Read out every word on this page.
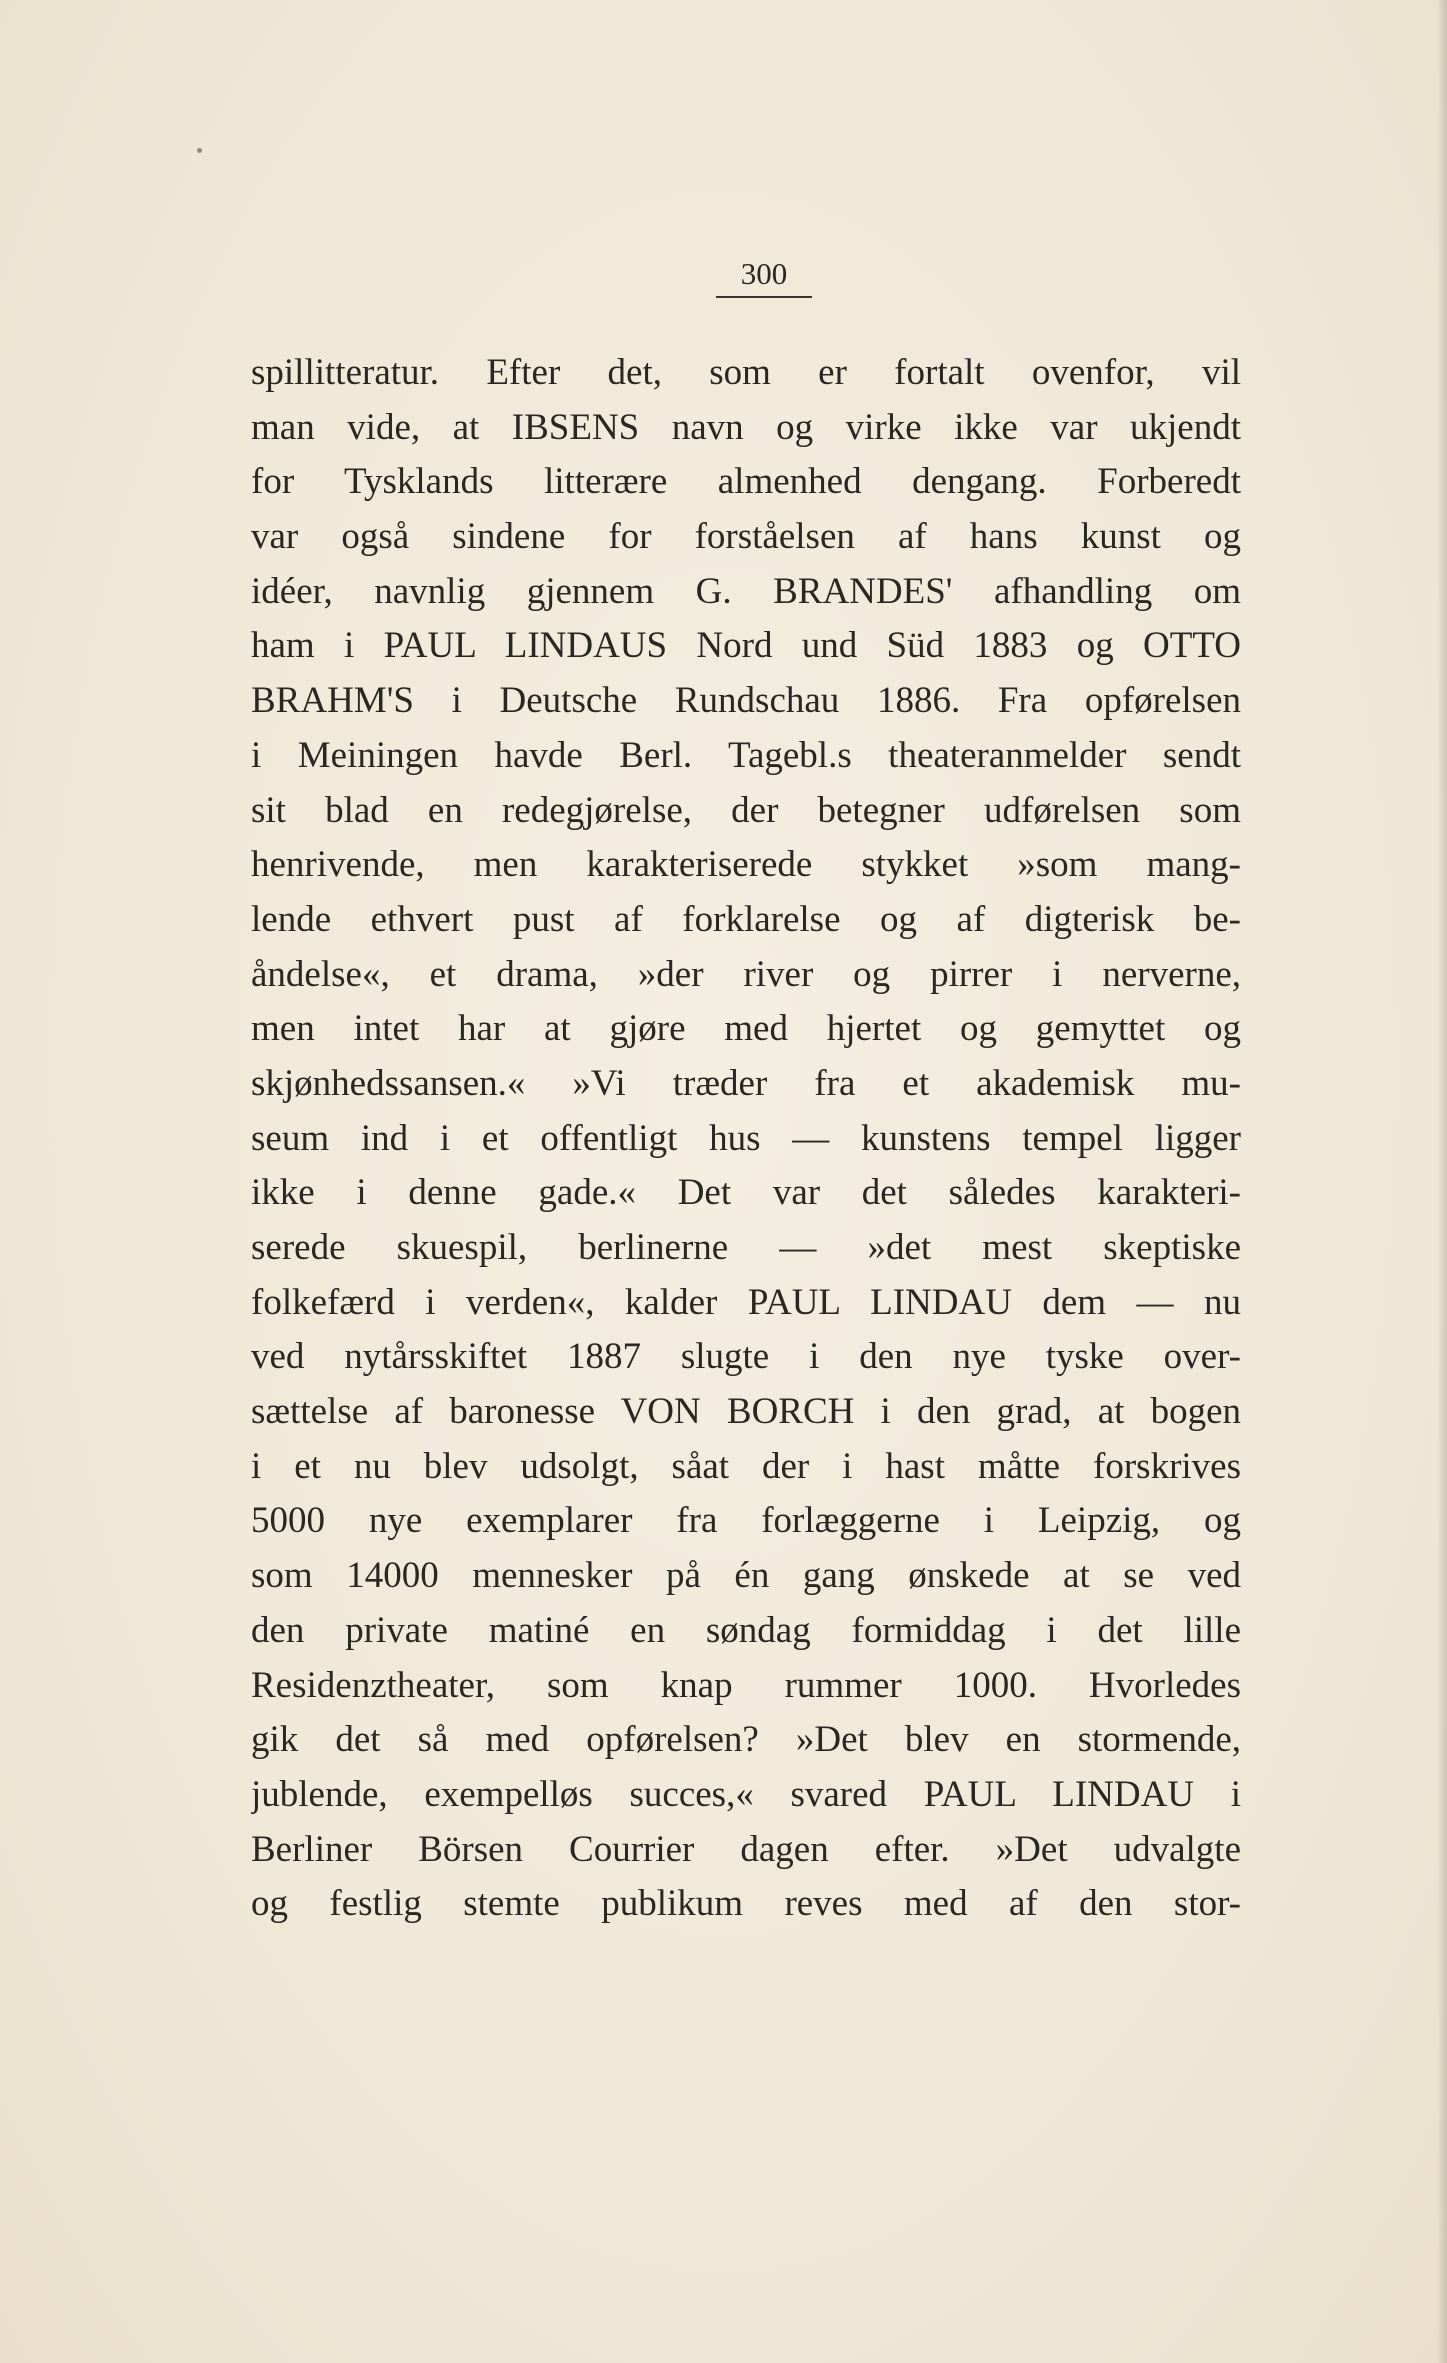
300
spillitteratur. Efter det, som er fortalt ovenfor, vil
man vide, at IBSENS navn og virke ikke var ukjendt
for Tysklands litterære almenhed dengang. Forberedt
var også sindene for forståelsen af hans kunst og
idéer, navnlig gjennem G. BRANDES' afhandling om
ham i PAUL LINDAUS Nord und Süd 1883 og OTTO
BRAHM'S i Deutsche Rundschau 1886. Fra opførelsen
i Meiningen havde Berl. Tagebl.s theateranmelder sendt
sit blad en redegjørelse, der betegner udførelsen som
henrivende, men karakteriserede stykket »som mang-
lende ethvert pust af forklarelse og af digterisk be-
åndelse«, et drama, »der river og pirrer i nerverne,
men intet har at gjøre med hjertet og gemyttet og
skjønhedssansen.« »Vi træder fra et akademisk mu-
seum ind i et offentligt hus — kunstens tempel ligger
ikke i denne gade.« Det var det således karakteri-
serede skuespil, berlinerne — »det mest skeptiske
folkefærd i verden«, kalder PAUL LINDAU dem — nu
ved nytårsskiftet 1887 slugte i den nye tyske over-
sættelse af baronesse VON BORCH i den grad, at bogen
i et nu blev udsolgt, såat der i hast måtte forskrives
5000 nye exemplarer fra forlæggerne i Leipzig, og
som 14000 mennesker på én gang ønskede at se ved
den private matiné en søndag formiddag i det lille
Residenztheater, som knap rummer 1000. Hvorledes
gik det så med opførelsen? »Det blev en stormende,
jublende, exempelløs succes,« svared PAUL LINDAU i
Berliner Börsen Courrier dagen efter. »Det udvalgte
og festlig stemte publikum reves med af den stor-
